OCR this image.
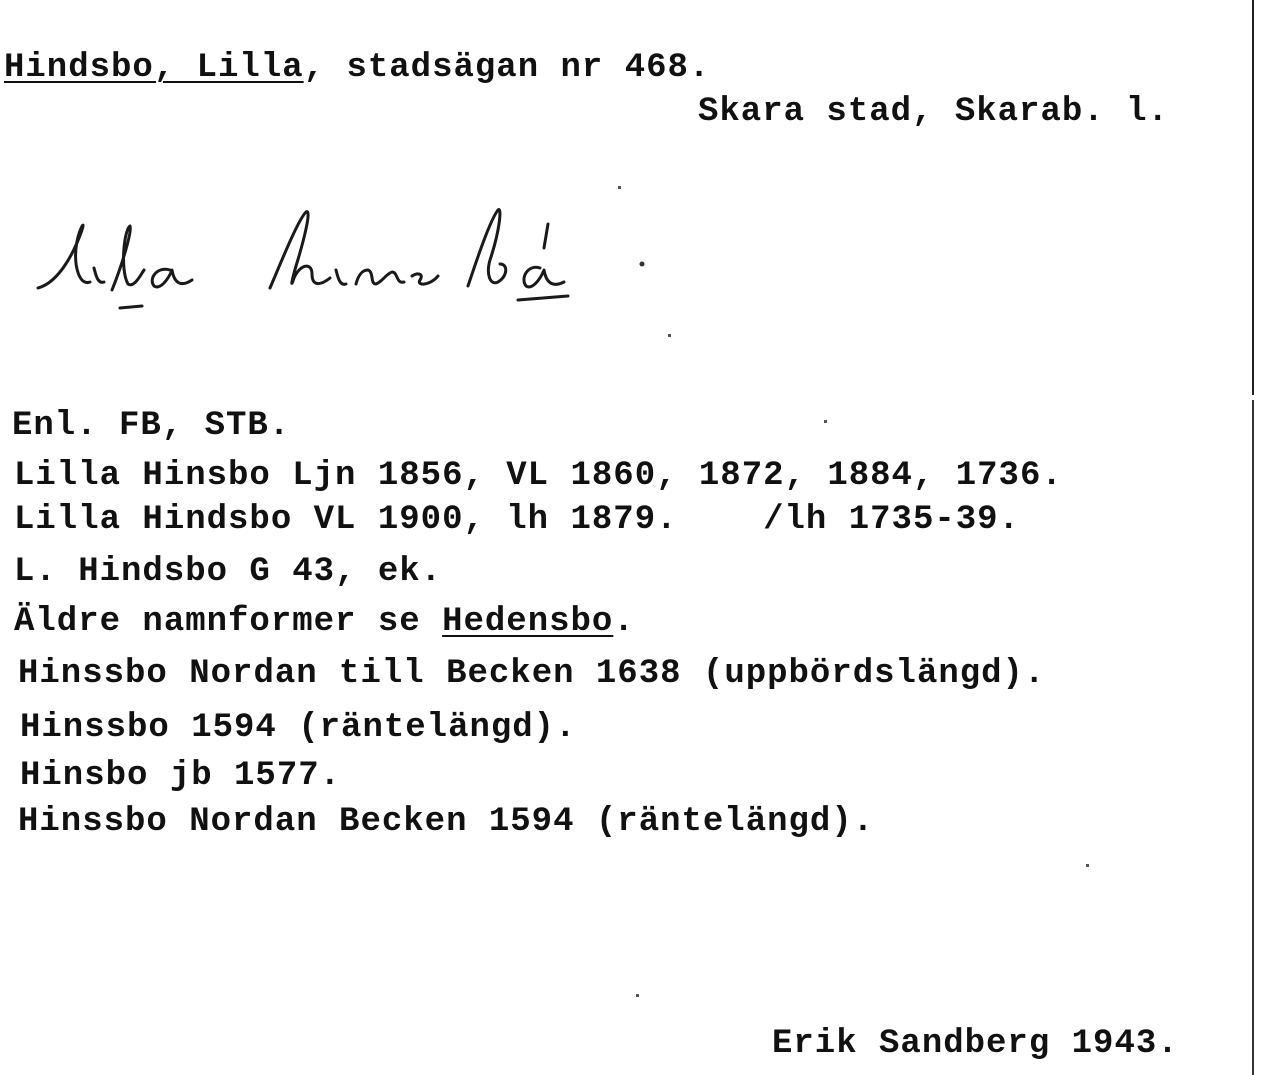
Hindsbo, Lilla, stadsägan nr 468.
Skara stad, Skarab. l.
lilla hinsbå
Enl. FB, STB.
Lilla Hinsbo Ljn 1856, VL 1860, 1872, 1884, 1736.
Lilla Hindsbo VL 1900, lh 1879.    /lh 1735-39.
L. Hindsbo G 43, ek.
Äldre namnformer se Hedensbo.
Hinssbo Nordan till Becken 1638 (uppbördslängd).
Hinssbo 1594 (räntelängd).
Hinsbo jb 1577.
Hinssbo Nordan Becken 1594 (räntelängd).
Erik Sandberg 1943.
